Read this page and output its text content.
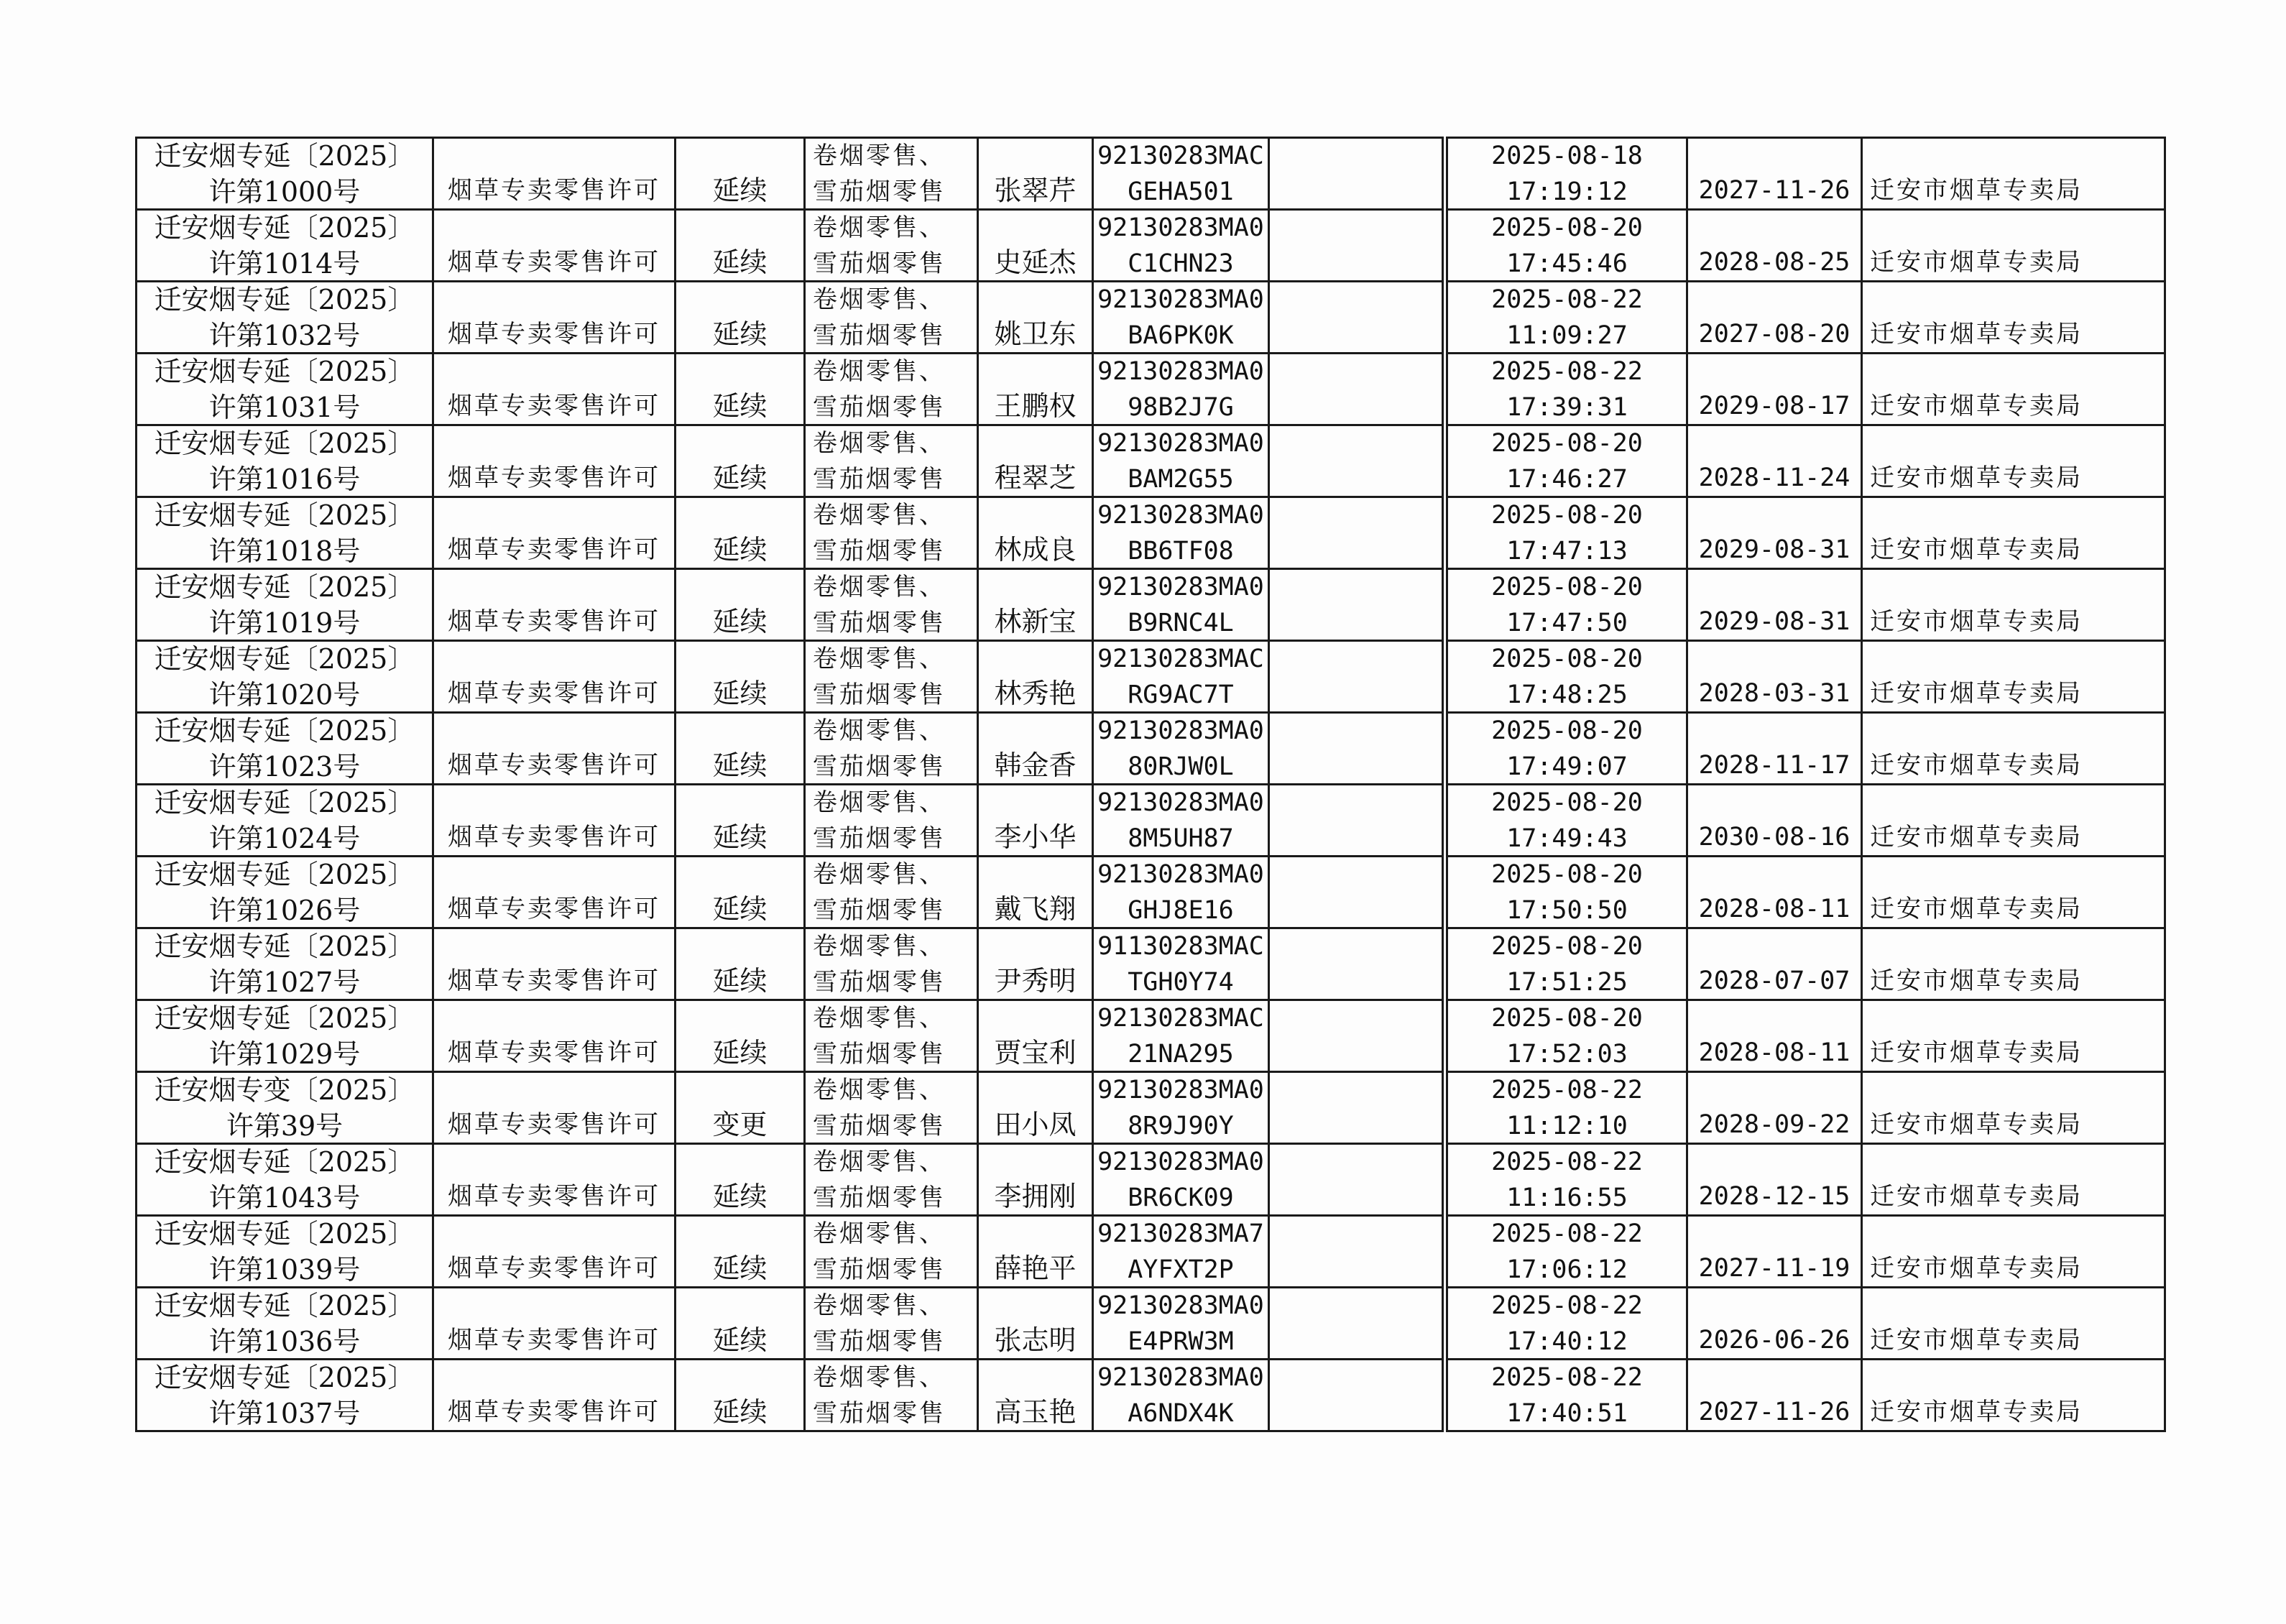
迁安烟专延〔2025〕
许第1000号	烟草专卖零售许可	延续	卷烟零售、
雪茄烟零售	张翠芹	92130283MAC
GEHA501		2025-08-18
17:19:12	2027-11-26	迁安市烟草专卖局

迁安烟专延〔2025〕
许第1014号	烟草专卖零售许可	延续	卷烟零售、
雪茄烟零售	史延杰	92130283MA0
C1CHN23		2025-08-20
17:45:46	2028-08-25	迁安市烟草专卖局

迁安烟专延〔2025〕
许第1032号	烟草专卖零售许可	延续	卷烟零售、
雪茄烟零售	姚卫东	92130283MA0
BA6PK0K		2025-08-22
11:09:27	2027-08-20	迁安市烟草专卖局

迁安烟专延〔2025〕
许第1031号	烟草专卖零售许可	延续	卷烟零售、
雪茄烟零售	王鹏权	92130283MA0
98B2J7G		2025-08-22
17:39:31	2029-08-17	迁安市烟草专卖局

迁安烟专延〔2025〕
许第1016号	烟草专卖零售许可	延续	卷烟零售、
雪茄烟零售	程翠芝	92130283MA0
BAM2G55		2025-08-20
17:46:27	2028-11-24	迁安市烟草专卖局

迁安烟专延〔2025〕
许第1018号	烟草专卖零售许可	延续	卷烟零售、
雪茄烟零售	林成良	92130283MA0
BB6TF08		2025-08-20
17:47:13	2029-08-31	迁安市烟草专卖局

迁安烟专延〔2025〕
许第1019号	烟草专卖零售许可	延续	卷烟零售、
雪茄烟零售	林新宝	92130283MA0
B9RNC4L		2025-08-20
17:47:50	2029-08-31	迁安市烟草专卖局

迁安烟专延〔2025〕
许第1020号	烟草专卖零售许可	延续	卷烟零售、
雪茄烟零售	林秀艳	92130283MAC
RG9AC7T		2025-08-20
17:48:25	2028-03-31	迁安市烟草专卖局

迁安烟专延〔2025〕
许第1023号	烟草专卖零售许可	延续	卷烟零售、
雪茄烟零售	韩金香	92130283MA0
80RJW0L		2025-08-20
17:49:07	2028-11-17	迁安市烟草专卖局

迁安烟专延〔2025〕
许第1024号	烟草专卖零售许可	延续	卷烟零售、
雪茄烟零售	李小华	92130283MA0
8M5UH87		2025-08-20
17:49:43	2030-08-16	迁安市烟草专卖局

迁安烟专延〔2025〕
许第1026号	烟草专卖零售许可	延续	卷烟零售、
雪茄烟零售	戴飞翔	92130283MA0
GHJ8E16		2025-08-20
17:50:50	2028-08-11	迁安市烟草专卖局

迁安烟专延〔2025〕
许第1027号	烟草专卖零售许可	延续	卷烟零售、
雪茄烟零售	尹秀明	91130283MAC
TGH0Y74		2025-08-20
17:51:25	2028-07-07	迁安市烟草专卖局

迁安烟专延〔2025〕
许第1029号	烟草专卖零售许可	延续	卷烟零售、
雪茄烟零售	贾宝利	92130283MAC
21NA295		2025-08-20
17:52:03	2028-08-11	迁安市烟草专卖局

迁安烟专变〔2025〕
许第39号	烟草专卖零售许可	变更	卷烟零售、
雪茄烟零售	田小凤	92130283MA0
8R9J90Y		2025-08-22
11:12:10	2028-09-22	迁安市烟草专卖局

迁安烟专延〔2025〕
许第1043号	烟草专卖零售许可	延续	卷烟零售、
雪茄烟零售	李拥刚	92130283MA0
BR6CK09		2025-08-22
11:16:55	2028-12-15	迁安市烟草专卖局

迁安烟专延〔2025〕
许第1039号	烟草专卖零售许可	延续	卷烟零售、
雪茄烟零售	薛艳平	92130283MA7
AYFXT2P		2025-08-22
17:06:12	2027-11-19	迁安市烟草专卖局

迁安烟专延〔2025〕
许第1036号	烟草专卖零售许可	延续	卷烟零售、
雪茄烟零售	张志明	92130283MA0
E4PRW3M		2025-08-22
17:40:12	2026-06-26	迁安市烟草专卖局

迁安烟专延〔2025〕
许第1037号	烟草专卖零售许可	延续	卷烟零售、
雪茄烟零售	高玉艳	92130283MA0
A6NDX4K		2025-08-22
17:40:51	2027-11-26	迁安市烟草专卖局
